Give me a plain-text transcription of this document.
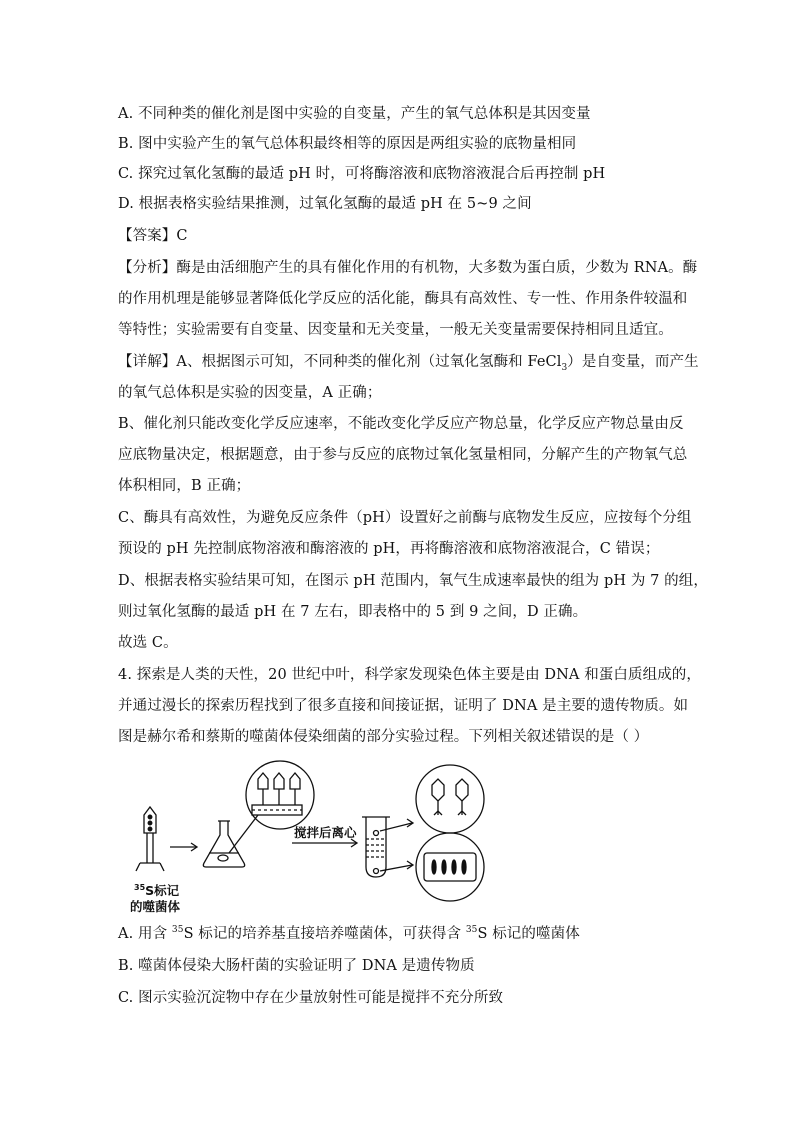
A. 不同种类的催化剂是图中实验的自变量，产生的氧气总体积是其因变量
B. 图中实验产生的氧气总体积最终相等的原因是两组实验的底物量相同
C. 探究过氧化氢酶的最适 pH 时，可将酶溶液和底物溶液混合后再控制 pH
D. 根据表格实验结果推测，过氧化氢酶的最适 pH 在 5~9 之间
【答案】C
【分析】酶是由活细胞产生的具有催化作用的有机物，大多数为蛋白质，少数为 RNA。酶
的作用机理是能够显著降低化学反应的活化能，酶具有高效性、专一性、作用条件较温和
等特性；实验需要有自变量、因变量和无关变量，一般无关变量需要保持相同且适宜。
【详解】A、根据图示可知，不同种类的催化剂（过氧化氢酶和 FeCl$_3$）是自变量，而产生
的氧气总体积是实验的因变量，A 正确；
B、催化剂只能改变化学反应速率，不能改变化学反应产物总量，化学反应产物总量由反
应底物量决定，根据题意，由于参与反应的底物过氧化氢量相同，分解产生的产物氧气总
体积相同，B 正确；
C、酶具有高效性，为避免反应条件（pH）设置好之前酶与底物发生反应，应按每个分组
预设的 pH 先控制底物溶液和酶溶液的 pH，再将酶溶液和底物溶液混合，C 错误；
D、根据表格实验结果可知，在图示 pH 范围内，氧气生成速率最快的组为 pH 为 7 的组，
则过氧化氢酶的最适 pH 在 7 左右，即表格中的 5 到 9 之间，D 正确。
故选 C。
4. 探索是人类的天性，20 世纪中叶，科学家发现染色体主要是由 DNA 和蛋白质组成的，
并通过漫长的探索历程找到了很多直接和间接证据，证明了 DNA 是主要的遗传物质。如
图是赫尔希和蔡斯的噬菌体侵染细菌的部分实验过程。下列相关叙述错误的是（ ）
$^{35}$S标记
的噬菌体
搅拌后离心
A. 用含 $^{35}$S 标记的培养基直接培养噬菌体，可获得含 $^{35}$S 标记的噬菌体
B. 噬菌体侵染大肠杆菌的实验证明了 DNA 是遗传物质
C. 图示实验沉淀物中存在少量放射性可能是搅拌不充分所致
